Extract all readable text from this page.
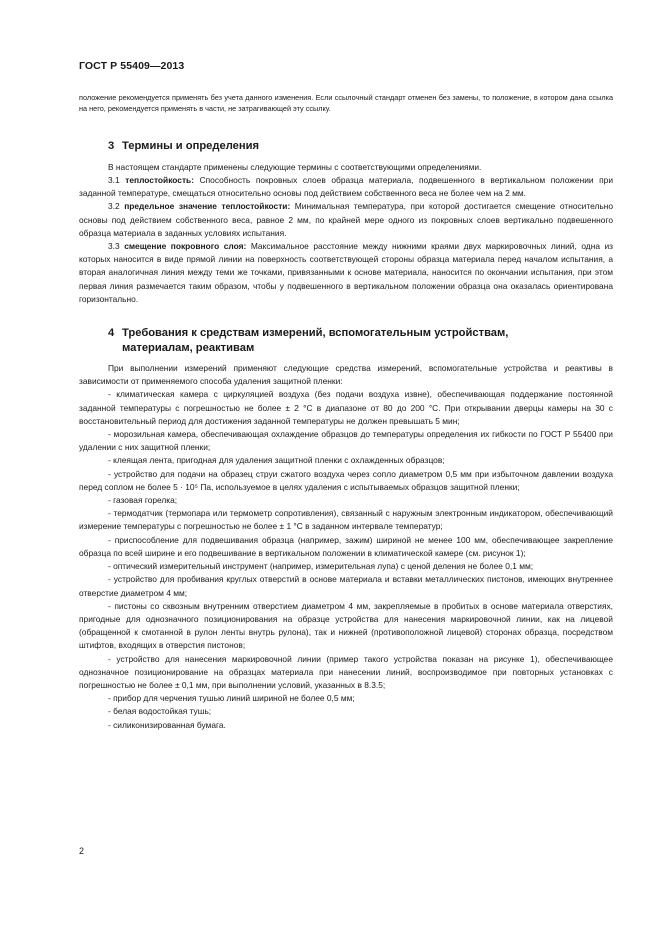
ГОСТ Р 55409—2013

положение рекомендуется применять без учета данного изменения. Если ссылочный стандарт отменен без замены, то положение, в котором дана ссылка на него, рекомендуется применять в части, не затрагивающей эту ссылку.

3 Термины и определения

В настоящем стандарте применены следующие термины с соответствующими определениями.

3.1 теплостойкость: Способность покровных слоев образца материала, подвешенного в вертикальном положении при заданной температуре, смещаться относительно основы под действием собственного веса не более чем на 2 мм.

3.2 предельное значение теплостойкости: Минимальная температура, при которой достигается смещение относительно основы под действием собственного веса, равное 2 мм, по крайней мере одного из покровных слоев вертикально подвешенного образца материала в заданных условиях испытания.

3.3 смещение покровного слоя: Максимальное расстояние между нижними краями двух маркировочных линий, одна из которых наносится в виде прямой линии на поверхность соответствующей стороны образца материала перед началом испытания, а вторая аналогичная линия между теми же точками, привязанными к основе материала, наносится по окончании испытания, при этом первая линия размечается таким образом, чтобы у подвешенного в вертикальном положении образца она оказалась ориентирована горизонтально.

4 Требования к средствам измерений, вспомогательным устройствам,
материалам, реактивам

При выполнении измерений применяют следующие средства измерений, вспомогательные устройства и реактивы в зависимости от применяемого способа удаления защитной пленки:

- климатическая камера с циркуляцией воздуха (без подачи воздуха извне), обеспечивающая поддержание постоянной заданной температуры с погрешностью не более ± 2 °С в диапазоне от 80 до 200 °С. При открывании дверцы камеры на 30 с восстановительный период для достижения заданной температуры не должен превышать 5 мин;

- морозильная камера, обеспечивающая охлаждение образцов до температуры определения их гибкости по ГОСТ Р 55400 при удалении с них защитной пленки;

- клеящая лента, пригодная для удаления защитной пленки с охлажденных образцов;

- устройство для подачи на образец струи сжатого воздуха через сопло диаметром 0,5 мм при избыточном давлении воздуха перед соплом не более 5 · 10⁵ Па, используемое в целях удаления с испытываемых образцов защитной пленки;

- газовая горелка;

- термодатчик (термопара или термометр сопротивления), связанный с наружным электронным индикатором, обеспечивающий измерение температуры с погрешностью не более ± 1 °С в заданном интервале температур;

- приспособление для подвешивания образца (например, зажим) шириной не менее 100 мм, обеспечивающее закрепление образца по всей ширине и его подвешивание в вертикальном положении в климатической камере (см. рисунок 1);

- оптический измерительный инструмент (например, измерительная лупа) с ценой деления не более 0,1 мм;

- устройство для пробивания круглых отверстий в основе материала и вставки металлических пистонов, имеющих внутреннее отверстие диаметром 4 мм;

- пистоны со сквозным внутренним отверстием диаметром 4 мм, закрепляемые в пробитых в основе материала отверстиях, пригодные для однозначного позиционирования на образце устройства для нанесения маркировочной линии, как на лицевой (обращенной к смотанной в рулон ленты внутрь рулона), так и нижней (противоположной лицевой) сторонах образца, посредством штифтов, входящих в отверстия пистонов;

- устройство для нанесения маркировочной линии (пример такого устройства показан на рисунке 1), обеспечивающее однозначное позиционирование на образцах материала при нанесении линий, воспроизводимое при повторных установках с погрешностью не более ± 0,1 мм, при выполнении условий, указанных в 8.3.5;

- прибор для черчения тушью линий шириной не более 0,5 мм;

- белая водостойкая тушь;

- силиконизированная бумага.

2
